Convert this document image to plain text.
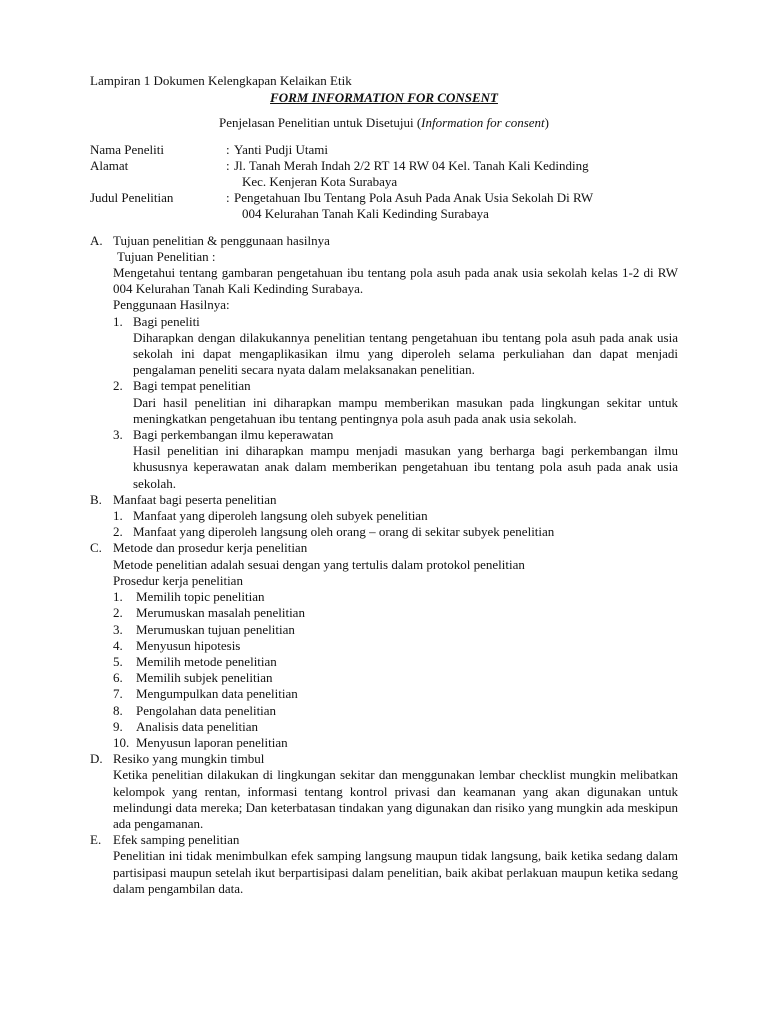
Lampiran 1 Dokumen Kelengkapan Kelaikan Etik
FORM INFORMATION FOR CONSENT
Penjelasan Penelitian untuk Disetujui (Information for consent)
Nama Peneliti	: Yanti Pudji Utami
Alamat	: Jl. Tanah Merah Indah 2/2 RT 14 RW 04 Kel. Tanah Kali Kedinding
Kec. Kenjeran Kota Surabaya
Judul Penelitian	: Pengetahuan Ibu Tentang Pola Asuh Pada Anak Usia Sekolah Di RW
004 Kelurahan Tanah Kali Kedinding Surabaya
A. Tujuan penelitian & penggunaan hasilnya
Tujuan Penelitian :
Mengetahui tentang gambaran pengetahuan ibu tentang pola asuh pada anak usia sekolah kelas 1-2 di RW 004 Kelurahan Tanah Kali Kedinding Surabaya.
Penggunaan Hasilnya:
1. Bagi peneliti
Diharapkan dengan dilakukannya penelitian tentang pengetahuan ibu tentang pola asuh pada anak usia sekolah ini dapat mengaplikasikan ilmu yang diperoleh selama perkuliahan dan dapat menjadi pengalaman peneliti secara nyata dalam melaksanakan penelitian.
2. Bagi tempat penelitian
Dari hasil penelitian ini diharapkan mampu memberikan masukan pada lingkungan sekitar untuk meningkatkan pengetahuan ibu tentang pentingnya pola asuh pada anak usia sekolah.
3. Bagi perkembangan ilmu keperawatan
Hasil penelitian ini diharapkan mampu menjadi masukan yang berharga bagi perkembangan ilmu khususnya keperawatan anak dalam memberikan pengetahuan ibu tentang pola asuh pada anak usia sekolah.
B. Manfaat bagi peserta penelitian
1. Manfaat yang diperoleh langsung oleh subyek penelitian
2. Manfaat yang diperoleh langsung oleh orang – orang di sekitar subyek penelitian
C. Metode dan prosedur kerja penelitian
Metode penelitian adalah sesuai dengan yang tertulis dalam protokol penelitian
Prosedur kerja penelitian
1.	Memilih topic penelitian
2.	Merumuskan masalah penelitian
3.	Merumuskan tujuan penelitian
4.	Menyusun hipotesis
5.	Memilih metode penelitian
6.	Memilih subjek penelitian
7.	Mengumpulkan data penelitian
8.	Pengolahan data penelitian
9.	Analisis data penelitian
10. Menyusun laporan penelitian
D. Resiko yang mungkin timbul
Ketika penelitian dilakukan di lingkungan sekitar dan menggunakan lembar checklist mungkin melibatkan kelompok yang rentan, informasi tentang kontrol privasi dan keamanan yang akan digunakan untuk melindungi data mereka; Dan keterbatasan tindakan yang digunakan dan risiko yang mungkin ada meskipun ada pengamanan.
E. Efek samping penelitian
Penelitian ini tidak menimbulkan efek samping langsung maupun tidak langsung, baik ketika sedang dalam partisipasi maupun setelah ikut berpartisipasi dalam penelitian, baik akibat perlakuan maupun ketika sedang dalam pengambilan data.
